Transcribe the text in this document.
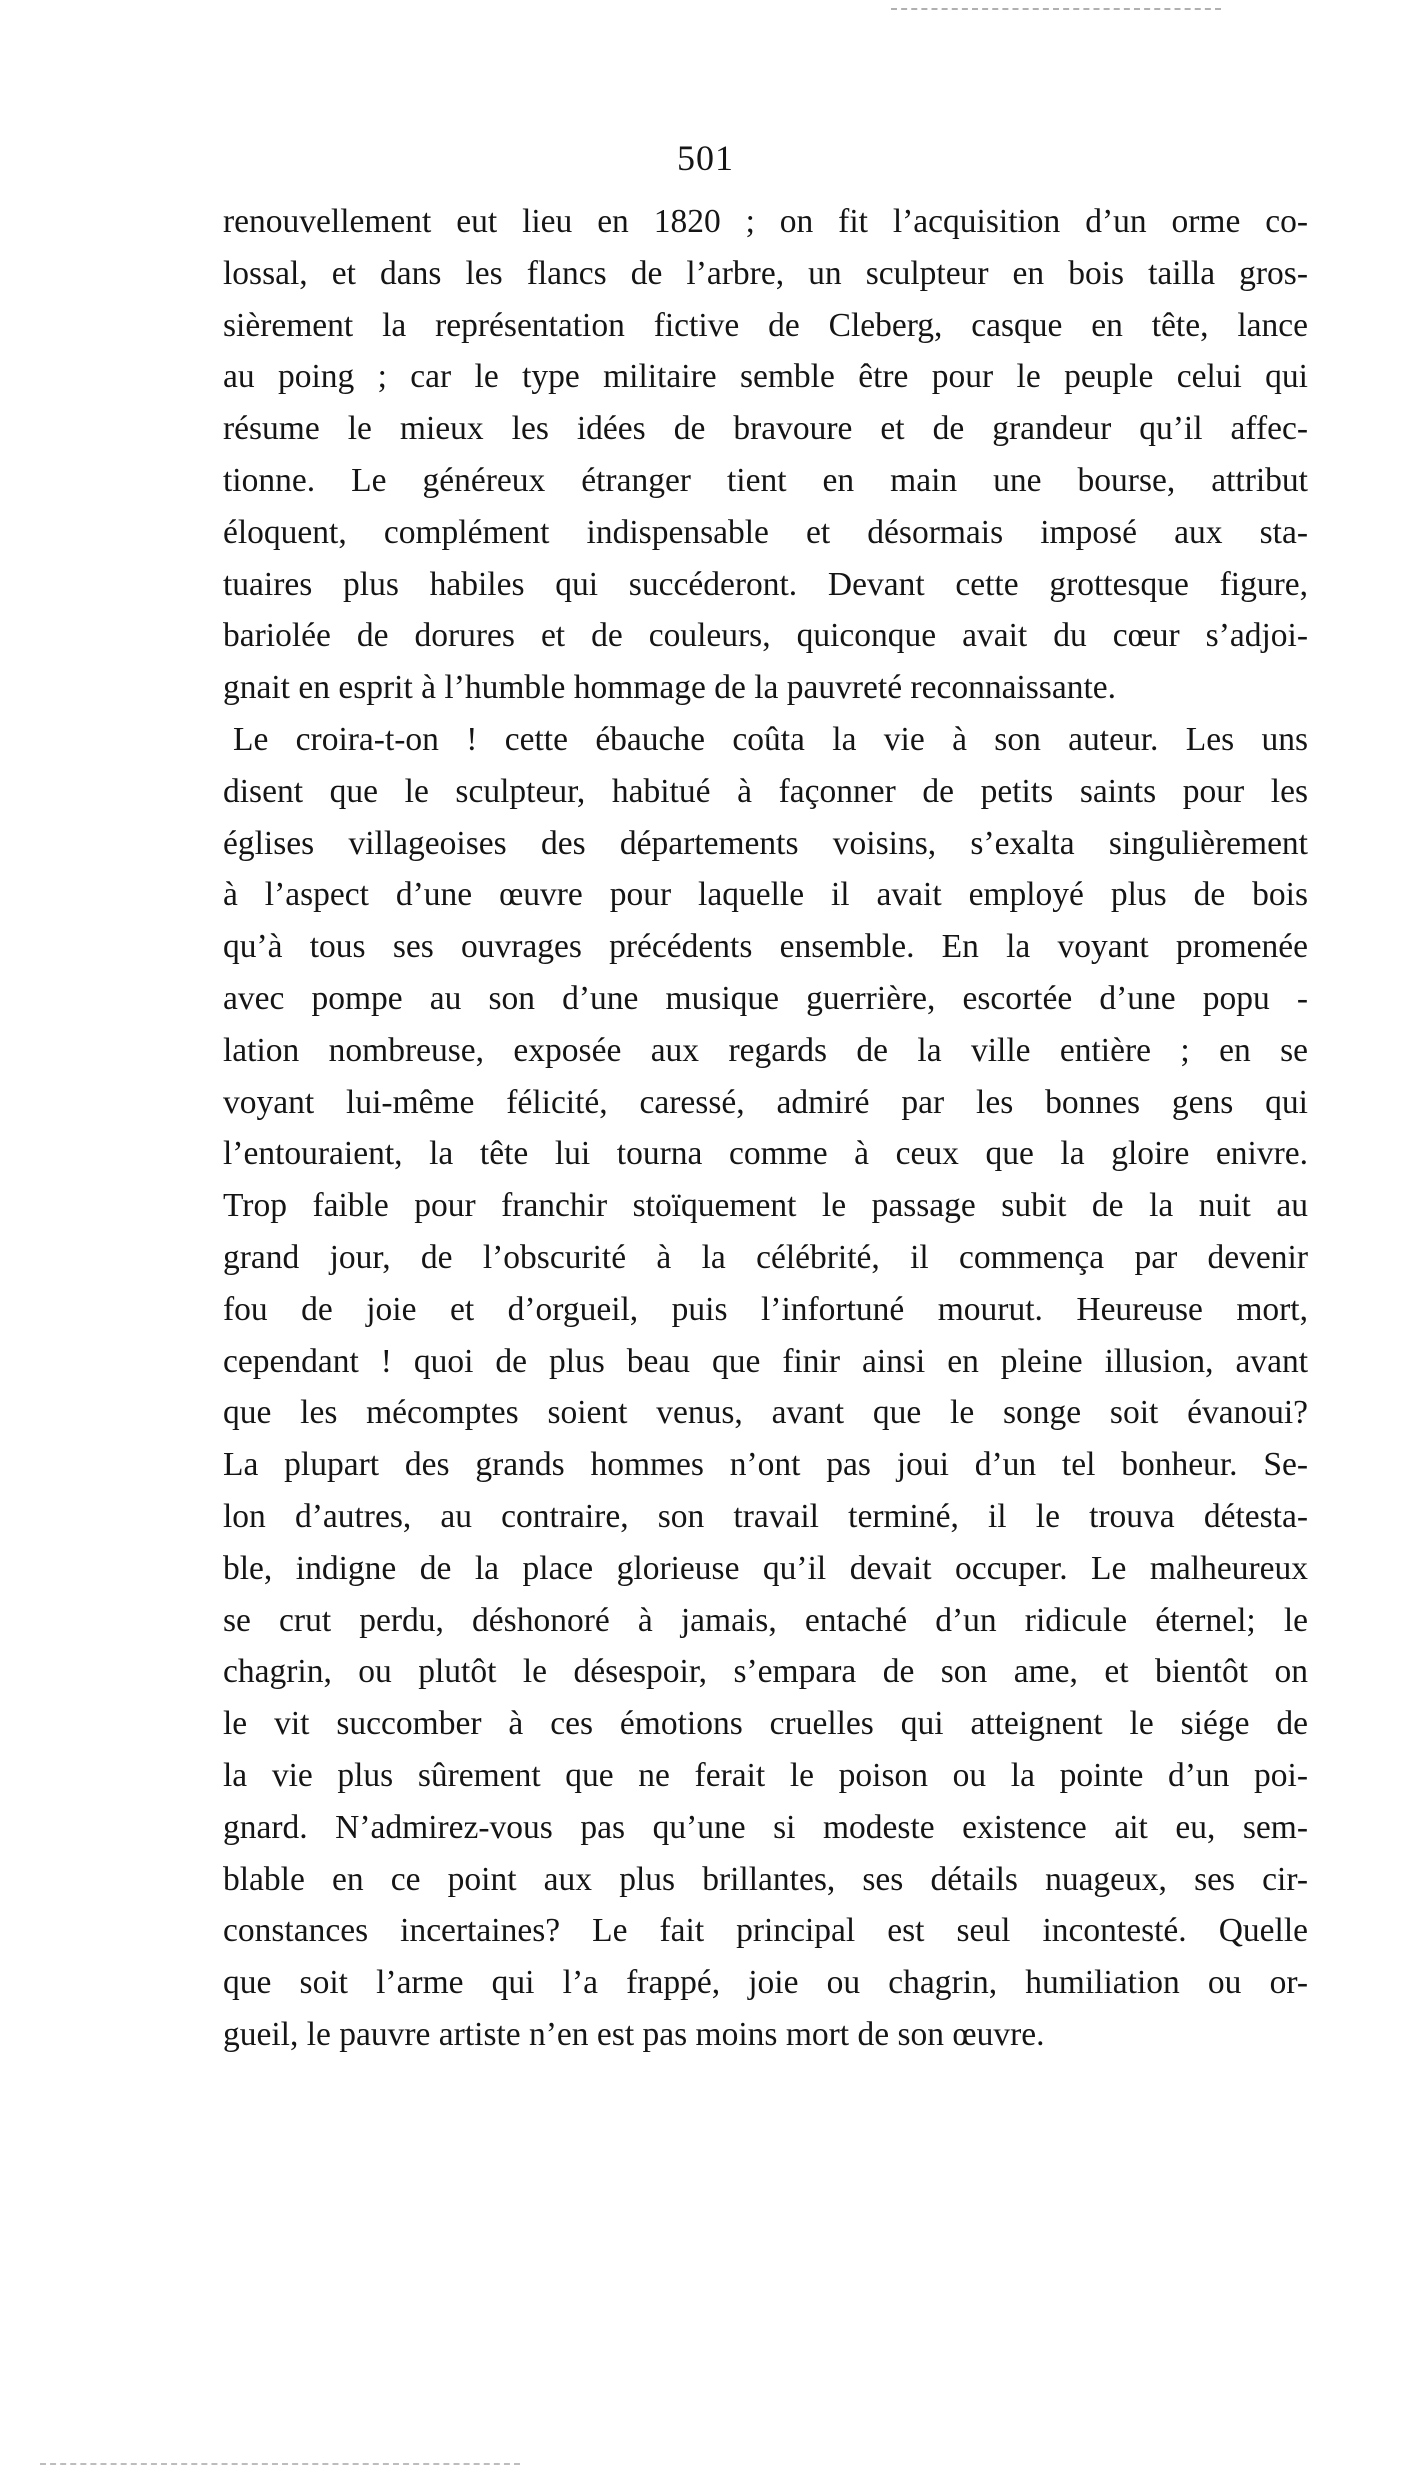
501
renouvellement eut lieu en 1820 ; on fit l’acquisition d’un orme co-
lossal, et dans les flancs de l’arbre, un sculpteur en bois tailla gros-
sièrement la représentation fictive de Cleberg, casque en tête, lance
au poing ; car le type militaire semble être pour le peuple celui qui
résume le mieux les idées de bravoure et de grandeur qu’il affec-
tionne. Le généreux étranger tient en main une bourse, attribut
éloquent, complément indispensable et désormais imposé aux sta-
tuaires plus habiles qui succéderont. Devant cette grottesque figure,
bariolée de dorures et de couleurs, quiconque avait du cœur s’adjoi-
gnait en esprit à l’humble hommage de la pauvreté reconnaissante.
Le croira-t-on ! cette ébauche coûta la vie à son auteur. Les uns
disent que le sculpteur, habitué à façonner de petits saints pour les
églises villageoises des départements voisins, s’exalta singulièrement
à l’aspect d’une œuvre pour laquelle il avait employé plus de bois
qu’à tous ses ouvrages précédents ensemble. En la voyant promenée
avec pompe au son d’une musique guerrière, escortée d’une popu -
lation nombreuse, exposée aux regards de la ville entière ; en se
voyant lui-même félicité, caressé, admiré par les bonnes gens qui
l’entouraient, la tête lui tourna comme à ceux que la gloire enivre.
Trop faible pour franchir stoïquement le passage subit de la nuit au
grand jour, de l’obscurité à la célébrité, il commença par devenir
fou de joie et d’orgueil, puis l’infortuné mourut. Heureuse mort,
cependant ! quoi de plus beau que finir ainsi en pleine illusion, avant
que les mécomptes soient venus, avant que le songe soit évanoui?
La plupart des grands hommes n’ont pas joui d’un tel bonheur. Se-
lon d’autres, au contraire, son travail terminé, il le trouva détesta-
ble, indigne de la place glorieuse qu’il devait occuper. Le malheureux
se crut perdu, déshonoré à jamais, entaché d’un ridicule éternel; le
chagrin, ou plutôt le désespoir, s’empara de son ame, et bientôt on
le vit succomber à ces émotions cruelles qui atteignent le siége de
la vie plus sûrement que ne ferait le poison ou la pointe d’un poi-
gnard. N’admirez-vous pas qu’une si modeste existence ait eu, sem-
blable en ce point aux plus brillantes, ses détails nuageux, ses cir-
constances incertaines? Le fait principal est seul incontesté. Quelle
que soit l’arme qui l’a frappé, joie ou chagrin, humiliation ou or-
gueil, le pauvre artiste n’en est pas moins mort de son œuvre.
